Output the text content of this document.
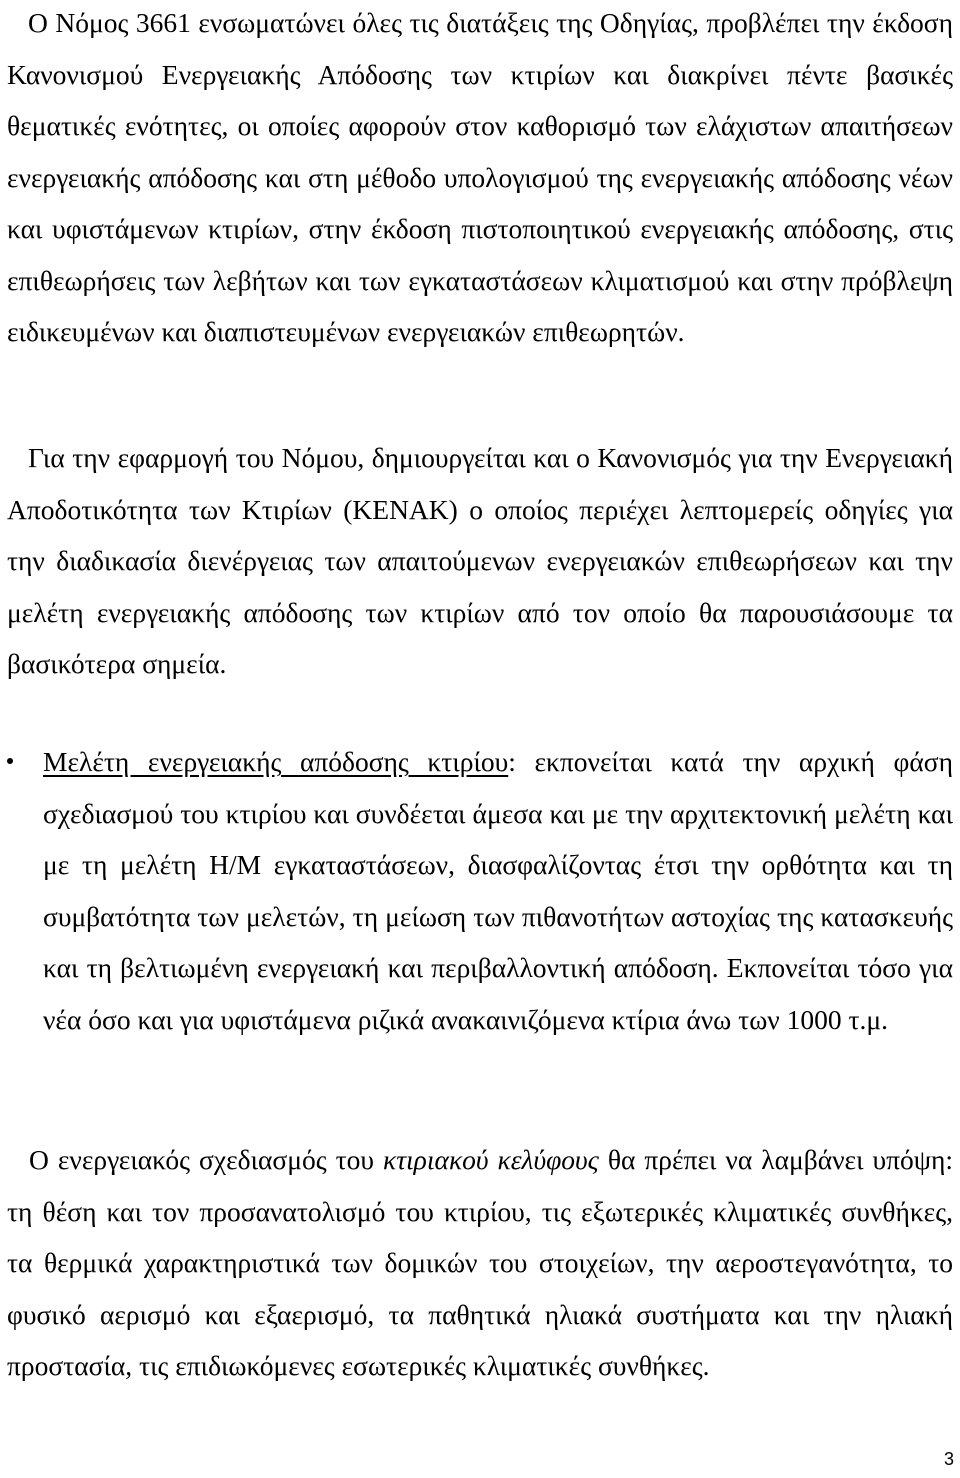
Ο Νόμος 3661 ενσωματώνει όλες τις διατάξεις της Οδηγίας, προβλέπει την έκδοση Κανονισμού Ενεργειακής Απόδοσης των κτιρίων και διακρίνει πέντε βασικές θεματικές ενότητες, οι οποίες αφορούν στον καθορισμό των ελάχιστων απαιτήσεων ενεργειακής απόδοσης και στη μέθοδο υπολογισμού της ενεργειακής απόδοσης νέων και υφιστάμενων κτιρίων, στην έκδοση πιστοποιητικού ενεργειακής απόδοσης, στις επιθεωρήσεις των λεβήτων και των εγκαταστάσεων κλιματισμού και στην πρόβλεψη ειδικευμένων και διαπιστευμένων ενεργειακών επιθεωρητών.

Για την εφαρμογή του Νόμου, δημιουργείται και ο Κανονισμός για την Ενεργειακή Αποδοτικότητα των Κτιρίων (ΚΕΝΑΚ) ο οποίος περιέχει λεπτομερείς οδηγίες για την διαδικασία διενέργειας των απαιτούμενων ενεργειακών επιθεωρήσεων και την μελέτη ενεργειακής απόδοσης των κτιρίων από τον οποίο θα παρουσιάσουμε τα βασικότερα σημεία.

Μελέτη ενεργειακής απόδοσης κτιρίου: εκπονείται κατά την αρχική φάση σχεδιασμού του κτιρίου και συνδέεται άμεσα και με την αρχιτεκτονική μελέτη και με τη μελέτη Η/Μ εγκαταστάσεων, διασφαλίζοντας έτσι την ορθότητα και τη συμβατότητα των μελετών, τη μείωση των πιθανοτήτων αστοχίας της κατασκευής και τη βελτιωμένη ενεργειακή και περιβαλλοντική απόδοση. Εκπονείται τόσο για νέα όσο και για υφιστάμενα ριζικά ανακαινιζόμενα κτίρια άνω των 1000 τ.μ.

Ο ενεργειακός σχεδιασμός του κτιριακού κελύφους θα πρέπει να λαμβάνει υπόψη: τη θέση και τον προσανατολισμό του κτιρίου, τις εξωτερικές κλιματικές συνθήκες, τα θερμικά χαρακτηριστικά των δομικών του στοιχείων, την αεροστεγανότητα, το φυσικό αερισμό και εξαερισμό, τα παθητικά ηλιακά συστήματα και την ηλιακή προστασία, τις επιδιωκόμενες εσωτερικές κλιματικές συνθήκες.

3
